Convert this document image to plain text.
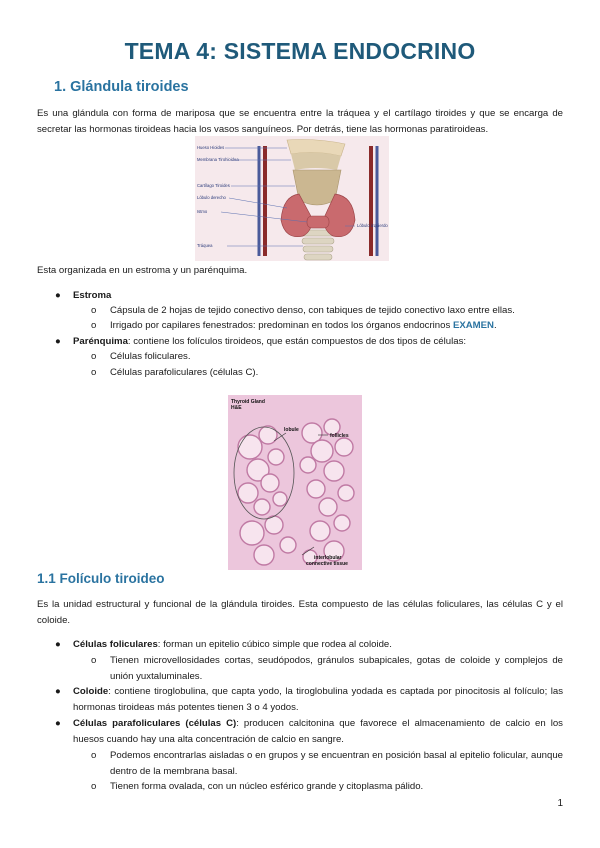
TEMA 4: SISTEMA ENDOCRINO
1. Glándula tiroides

Es una glándula con forma de mariposa que se encuentra entre la tráquea y el cartílago tiroides y que se encarga de secretar las hormonas tiroideas hacia los vasos sanguíneos. Por detrás, tiene las hormonas paratiroideas.

Hueso Hioides
Membrana Tirohioidea
Cartílago Tiroides
Lóbulo derecho
Istmo
Lóbulo izquierdo
Tráquea

Esta organizada en un estroma y un parénquima.

● Estroma

o Cápsula de 2 hojas de tejido conectivo denso, con tabiques de tejido conectivo laxo entre ellas.

o Irrigado por capilares fenestrados: predominan en todos los órganos endocrinos EXAMEN.

● Parénquima: contiene los folículos tiroideos, que están compuestos de dos tipos de células:

o Células foliculares.

o Células parafoliculares (células C).

Thyroid Gland
H&E
lobule
follicles
interlobular
connective tissue
1.1 Folículo tiroideo

Es la unidad estructural y funcional de la glándula tiroides. Esta compuesto de las células foliculares, las células C y el coloide.

● Células foliculares: forman un epitelio cúbico simple que rodea al coloide.

o Tienen microvellosidades cortas, seudópodos, gránulos subapicales, gotas de coloide y complejos de unión yuxtaluminales.

● Coloide: contiene tiroglobulina, que capta yodo, la tiroglobulina yodada es captada por pinocitosis al folículo; las hormonas tiroideas más potentes tienen 3 o 4 yodos.

● Células parafoliculares (células C): producen calcitonina que favorece el almacenamiento de calcio en los huesos cuando hay una alta concentración de calcio en sangre.

o Podemos encontrarlas aisladas o en grupos y se encuentran en posición basal al epitelio folicular, aunque dentro de la membrana basal.

o Tienen forma ovalada, con un núcleo esférico grande y citoplasma pálido.

1
